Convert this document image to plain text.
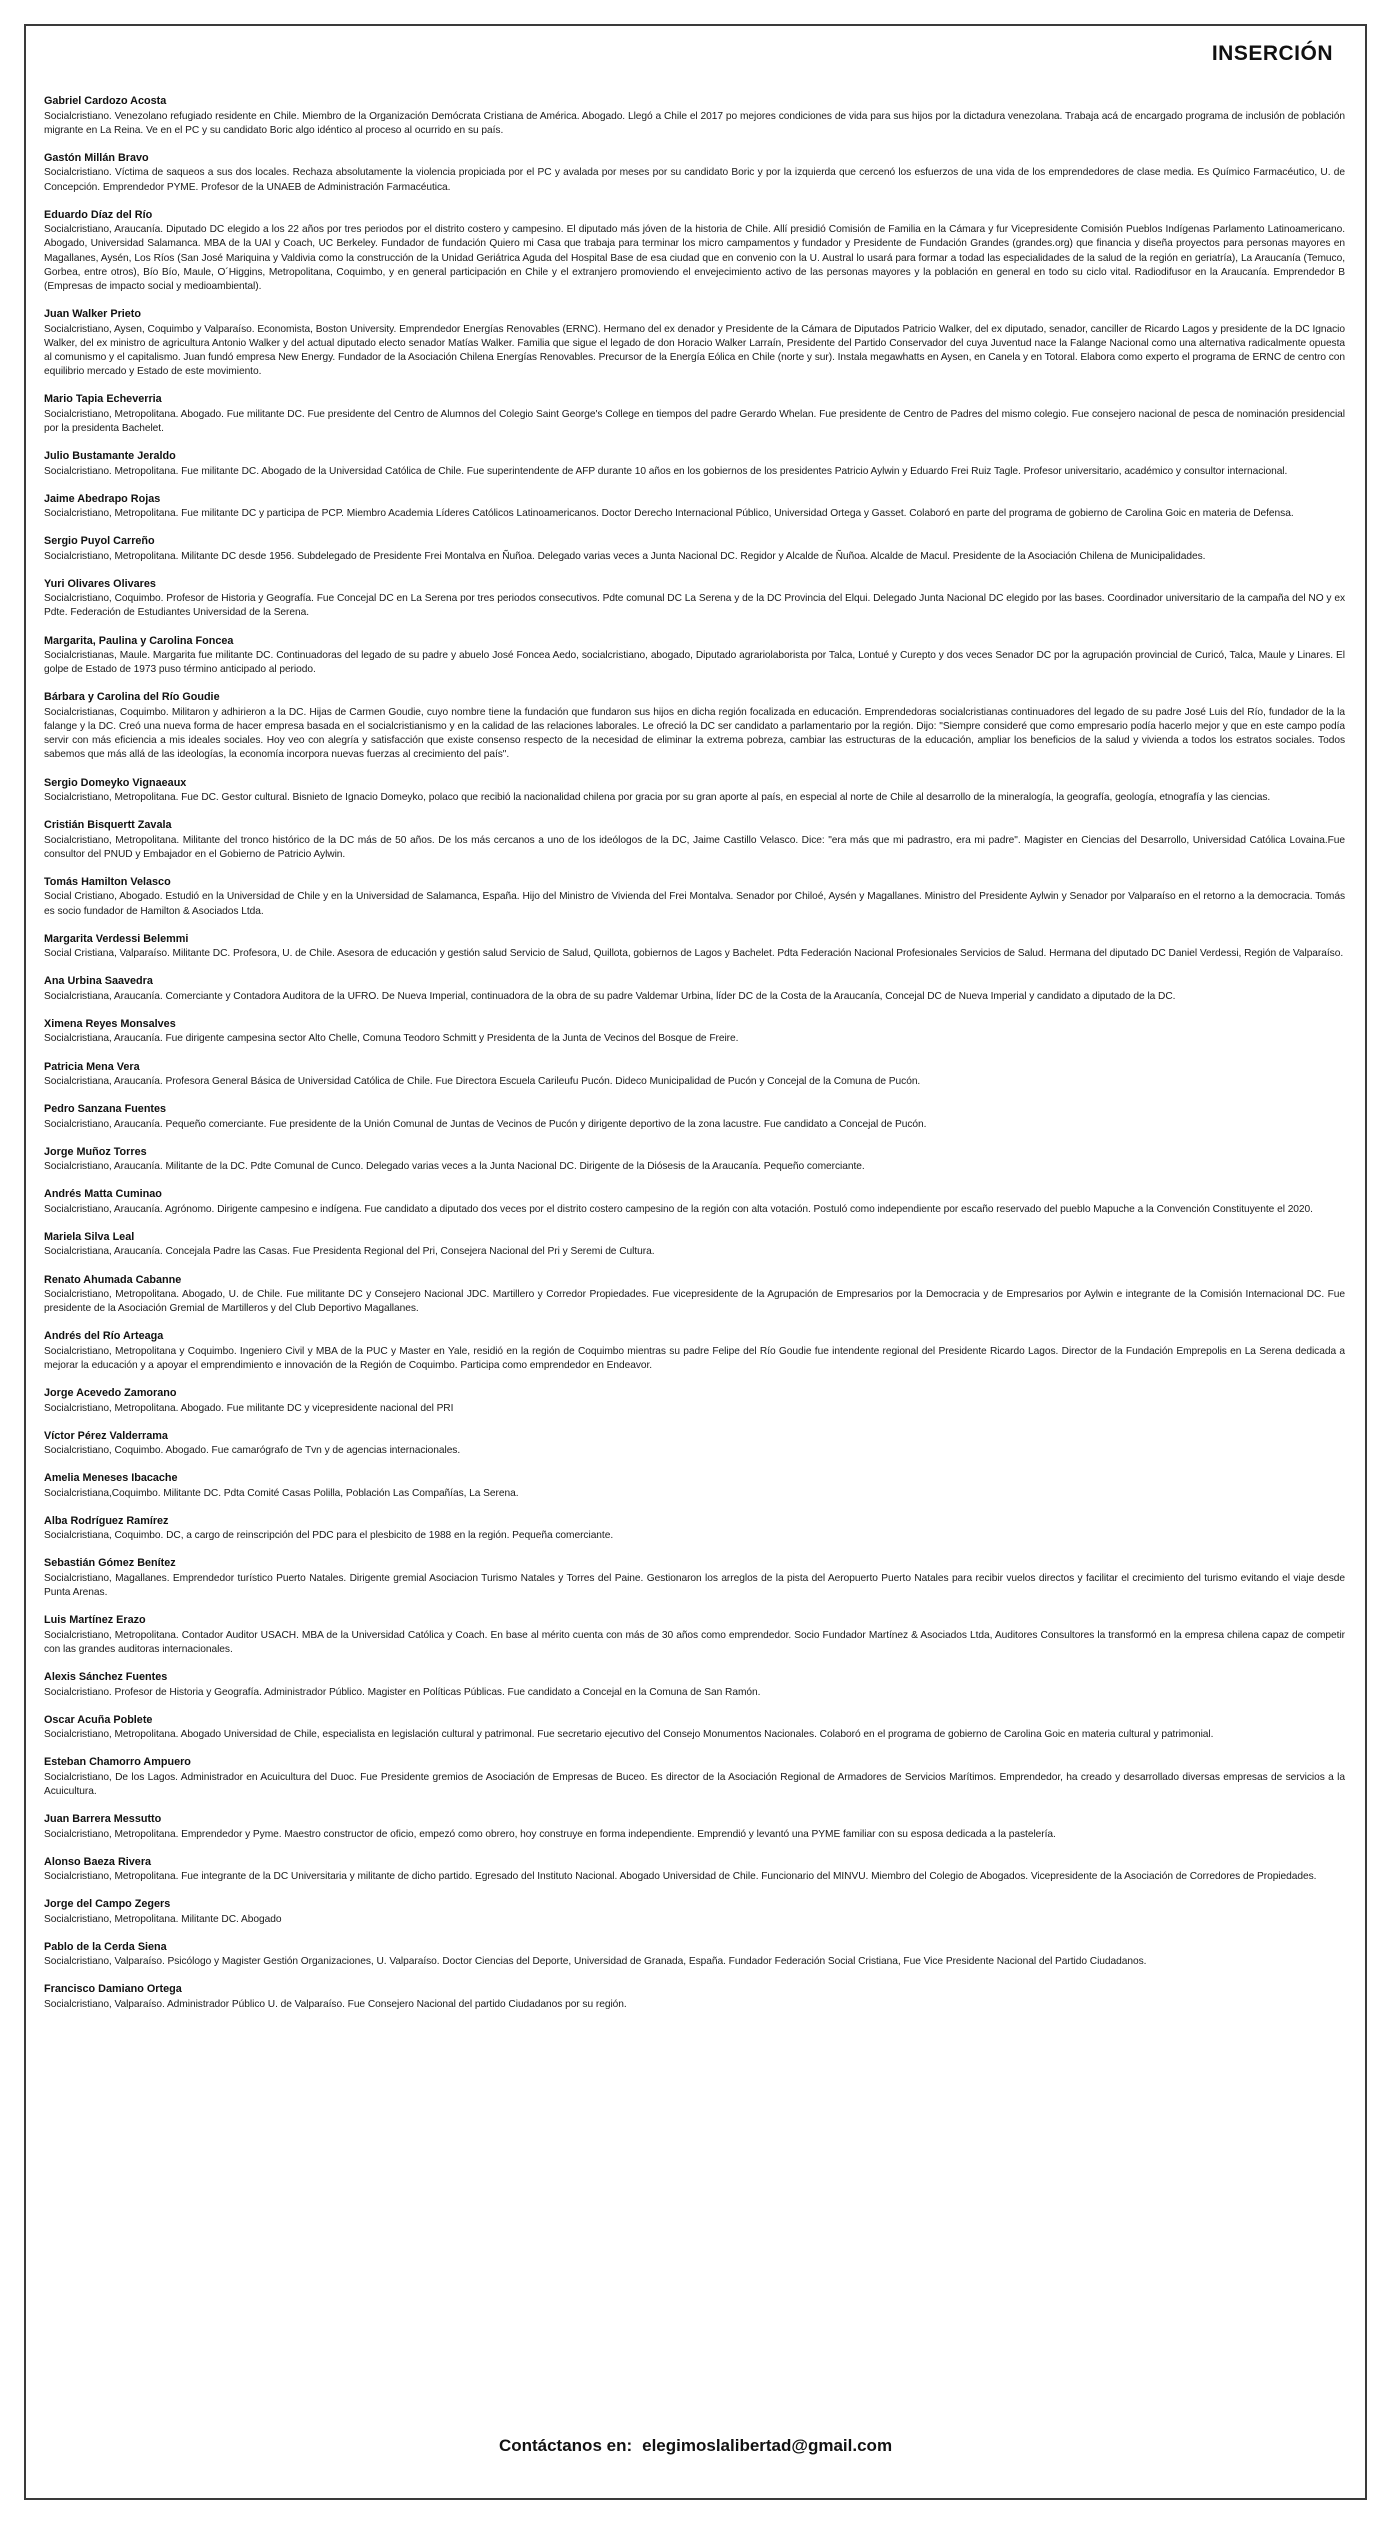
INSERCIÓN
Gabriel Cardozo Acosta
Socialcristiano. Venezolano refugiado residente en Chile. Miembro de la Organización Demócrata Cristiana de América. Abogado. Llegó a Chile el 2017 po mejores condiciones de vida para sus hijos por la dictadura venezolana. Trabaja acá de encargado programa de inclusión de población migrante en La Reina. Ve en el PC y su candidato Boric algo idéntico al proceso al ocurrido en su país.
Gastón Millán Bravo
Socialcristiano. Víctima de saqueos a sus dos locales. Rechaza absolutamente la violencia propiciada por el PC y avalada por meses por su candidato Boric y por la izquierda que cercenó los esfuerzos de una vida de los emprendedores de clase media. Es Químico Farmacéutico, U. de Concepción. Emprendedor PYME. Profesor de la UNAEB de Administración Farmacéutica.
Eduardo Díaz del Río
Socialcristiano, Araucanía. Diputado DC elegido a los 22 años por tres periodos por el distrito costero y campesino. El diputado más jóven de la historia de Chile. Allí presidió Comisión de Familia en la Cámara y fur Vicepresidente Comisión Pueblos Indígenas Parlamento Latinoamericano. Abogado, Universidad Salamanca. MBA de la UAI y Coach, UC Berkeley. Fundador de fundación Quiero mi Casa que trabaja para terminar los micro campamentos y fundador y Presidente de Fundación Grandes (grandes.org) que financia y diseña proyectos para personas mayores en Magallanes, Aysén, Los Ríos (San José Mariquina y Valdivia como la construcción de la Unidad Geriátrica Aguda del Hospital Base de esa ciudad que en convenio con la U. Austral lo usará para formar a todad las especialidades de la salud de la región en geriatría), La Araucanía (Temuco, Gorbea, entre otros), Bío Bío, Maule, O´Higgins, Metropolitana, Coquimbo, y en general participación en Chile y el extranjero promoviendo el envejecimiento activo de las personas mayores y la población en general en todo su ciclo vital. Radiodifusor en la Araucanía. Emprendedor B (Empresas de impacto social y medioambiental).
Juan Walker Prieto
Socialcristiano, Aysen, Coquimbo y Valparaíso. Economista, Boston University. Emprendedor Energías Renovables (ERNC). Hermano del ex denador y Presidente de la Cámara de Diputados Patricio Walker, del ex diputado, senador, canciller de Ricardo Lagos y presidente de la DC Ignacio Walker, del ex ministro de agricultura Antonio Walker y del actual diputado electo senador Matías Walker. Familia que sigue el legado de don Horacio Walker Larraín, Presidente del Partido Conservador del cuya Juventud nace la Falange Nacional como una alternativa radicalmente opuesta al comunismo y el capitalismo. Juan fundó empresa New Energy. Fundador de la Asociación Chilena Energías Renovables. Precursor de la Energía Eólica en Chile (norte y sur). Instala megawhatts en Aysen, en Canela y en Totoral. Elabora como experto el programa de ERNC de centro con equilibrio mercado y Estado de este movimiento.
Mario Tapia Echeverria
Socialcristiano, Metropolitana. Abogado. Fue militante DC. Fue presidente del Centro de Alumnos del Colegio Saint George's College en tiempos del padre Gerardo Whelan. Fue presidente de Centro de Padres del mismo colegio. Fue consejero nacional de pesca de nominación presidencial por la presidenta Bachelet.
Julio Bustamante Jeraldo
Socialcristiano. Metropolitana. Fue militante DC. Abogado de la Universidad Católica de Chile. Fue superintendente de AFP durante 10 años en los gobiernos de los presidentes Patricio Aylwin y Eduardo Frei Ruiz Tagle. Profesor universitario, académico y consultor internacional.
Jaime Abedrapo Rojas
Socialcristiano, Metropolitana. Fue militante DC y participa de PCP. Miembro Academia Líderes Católicos Latinoamericanos. Doctor Derecho Internacional Público, Universidad Ortega y Gasset. Colaboró en parte del programa de gobierno de Carolina Goic en materia de Defensa.
Sergio Puyol Carreño
Socialcristiano, Metropolitana. Militante DC desde 1956. Subdelegado de Presidente Frei Montalva en Ñuñoa. Delegado varias veces a Junta Nacional DC. Regidor y Alcalde de Ñuñoa. Alcalde de Macul. Presidente de la Asociación Chilena de Municipalidades.
Yuri Olivares Olivares
Socialcristiano, Coquimbo. Profesor de Historia y Geografía. Fue Concejal DC en La Serena por tres periodos consecutivos. Pdte comunal DC La Serena y de la DC Provincia del Elqui. Delegado Junta Nacional DC elegido por las bases. Coordinador universitario de la campaña del NO y ex Pdte. Federación de Estudiantes Universidad de la Serena.
Margarita, Paulina y Carolina Foncea
Socialcristianas, Maule. Margarita fue militante DC. Continuadoras del legado de su padre y abuelo José Foncea Aedo, socialcristiano, abogado, Diputado agrariolaborista por Talca, Lontué y Curepto y dos veces Senador DC por la agrupación provincial de Curicó, Talca, Maule y Linares. El golpe de Estado de 1973 puso término anticipado al periodo.
Bárbara y Carolina del Río Goudie
Socialcristianas, Coquimbo. Militaron y adhirieron a la DC. Hijas de Carmen Goudie, cuyo nombre tiene la fundación que fundaron sus hijos en dicha región focalizada en educación. Emprendedoras socialcristianas continuadores del legado de su padre José Luis del Río, fundador de la la falange y la DC. Creó una nueva forma de hacer empresa basada en el socialcristianismo y en la calidad de las relaciones laborales. Le ofreció la DC ser candidato a parlamentario por la región. Dijo: "Siempre consideré que como empresario podía hacerlo mejor y que en este campo podía servir con más eficiencia a mis ideales sociales. Hoy veo con alegría y satisfacción que existe consenso respecto de la necesidad de eliminar la extrema pobreza, cambiar las estructuras de la educación, ampliar los beneficios de la salud y vivienda a todos los estratos sociales. Todos sabemos que más allá de las ideologías, la economía incorpora nuevas fuerzas al crecimiento del país".
Sergio Domeyko Vignaeaux
Socialcristiano, Metropolitana. Fue DC. Gestor cultural. Bisnieto de Ignacio Domeyko, polaco que recibió la nacionalidad chilena por gracia por su gran aporte al país, en especial al norte de Chile al desarrollo de la mineralogía, la geografía, geología, etnografía y las ciencias.
Cristián Bisquertt Zavala
Socialcristiano, Metropolitana. Militante del tronco histórico de la DC más de 50 años. De los más cercanos a uno de los ideólogos de la DC, Jaime Castillo Velasco. Dice: "era más que mi padrastro, era mi padre". Magister en Ciencias del Desarrollo, Universidad Católica Lovaina.Fue consultor del PNUD y Embajador en el Gobierno de Patricio Aylwin.
Tomás Hamilton Velasco
Social Cristiano, Abogado. Estudió en la Universidad de Chile y en la Universidad de Salamanca, España. Hijo del Ministro de Vivienda del Frei Montalva. Senador por Chiloé, Aysén y Magallanes. Ministro del Presidente Aylwin y Senador por Valparaíso en el retorno a la democracia. Tomás es socio fundador de Hamilton & Asociados Ltda.
Margarita Verdessi Belemmi
Social Cristiana, Valparaíso. Militante DC. Profesora, U. de Chile. Asesora de educación y gestión salud Servicio de Salud, Quillota, gobiernos de Lagos y Bachelet. Pdta Federación Nacional Profesionales Servicios de Salud. Hermana del diputado DC Daniel Verdessi, Región de Valparaíso.
Ana Urbina Saavedra
Socialcristiana, Araucanía. Comerciante y Contadora Auditora de la UFRO. De Nueva Imperial, continuadora de la obra de su padre Valdemar Urbina, líder DC de la Costa de la Araucanía, Concejal DC de Nueva Imperial y candidato a diputado de la DC.
Ximena Reyes Monsalves
Socialcristiana, Araucanía. Fue dirigente campesina sector Alto Chelle, Comuna Teodoro Schmitt y Presidenta de la Junta de Vecinos del Bosque de Freire.
Patricia Mena Vera
Socialcristiana, Araucanía. Profesora General Básica de Universidad Católica de Chile. Fue Directora Escuela Carileufu Pucón. Dideco Municipalidad de Pucón y Concejal de la Comuna de Pucón.
Pedro Sanzana Fuentes
Socialcristiano, Araucanía. Pequeño comerciante. Fue presidente de la Unión Comunal de Juntas de Vecinos de Pucón y dirigente deportivo de la zona lacustre. Fue candidato a Concejal de Pucón.
Jorge Muñoz Torres
Socialcristiano, Araucanía. Militante de la DC. Pdte Comunal de Cunco. Delegado varias veces a la Junta Nacional DC. Dirigente de la Diósesis de la Araucanía. Pequeño comerciante.
Andrés Matta Cuminao
Socialcristiano, Araucanía. Agrónomo. Dirigente campesino e indígena. Fue candidato a diputado dos veces por el distrito costero campesino de la región con alta votación. Postuló como independiente por escaño reservado del pueblo Mapuche a la Convención Constituyente el 2020.
Mariela Silva Leal
Socialcristiana, Araucanía. Concejala Padre las Casas. Fue Presidenta Regional del Pri, Consejera Nacional del Pri y Seremi de Cultura.
Renato Ahumada Cabanne
Socialcristiano, Metropolitana. Abogado, U. de Chile. Fue militante DC y Consejero Nacional JDC. Martillero y Corredor Propiedades. Fue vicepresidente de la Agrupación de Empresarios por la Democracia y de Empresarios por Aylwin e integrante de la Comisión Internacional DC. Fue presidente de la Asociación Gremial de Martilleros y del Club Deportivo Magallanes.
Andrés del Río Arteaga
Socialcristiano, Metropolitana y Coquimbo. Ingeniero Civil y MBA de la PUC y Master en Yale, residió en la región de Coquimbo mientras su padre Felipe del Río Goudie fue intendente regional del Presidente Ricardo Lagos. Director de la Fundación Emprepolis en La Serena dedicada a mejorar la educación y a apoyar el emprendimiento e innovación de la Región de Coquimbo. Participa como emprendedor en Endeavor.
Jorge Acevedo Zamorano
Socialcristiano, Metropolitana. Abogado. Fue militante DC y vicepresidente nacional del PRI
Víctor Pérez Valderrama
Socialcristiano, Coquimbo. Abogado. Fue camarógrafo de Tvn y de agencias internacionales.
Amelia Meneses Ibacache
Socialcristiana,Coquimbo. Militante DC. Pdta Comité Casas Polilla, Población Las Compañías, La Serena.
Alba Rodríguez Ramírez
Socialcristiana, Coquimbo. DC, a cargo de reinscripción del PDC para el plesbicito de 1988 en la región. Pequeña comerciante.
Sebastián Gómez Benítez
Socialcristiano, Magallanes. Emprendedor turístico Puerto Natales. Dirigente gremial Asociacion Turismo Natales y Torres del Paine. Gestionaron los arreglos de la pista del Aeropuerto Puerto Natales para recibir vuelos directos y facilitar el crecimiento del turismo evitando el viaje desde Punta Arenas.
Luis Martínez Erazo
Socialcristiano, Metropolitana. Contador Auditor USACH. MBA de la Universidad Católica y Coach. En base al mérito cuenta con más de 30 años como emprendedor. Socio Fundador Martínez & Asociados Ltda, Auditores Consultores la transformó en la empresa chilena capaz de competir con las grandes auditoras internacionales.
Alexis Sánchez Fuentes
Socialcristiano. Profesor de Historia y Geografía. Administrador Público. Magister en Políticas Públicas. Fue candidato a Concejal en la Comuna de San Ramón.
Oscar Acuña Poblete
Socialcristiano, Metropolitana. Abogado Universidad de Chile, especialista en legislación cultural y patrimonal. Fue secretario ejecutivo del Consejo Monumentos Nacionales. Colaboró en el programa de gobierno de Carolina Goic en materia cultural y patrimonial.
Esteban Chamorro Ampuero
Socialcristiano, De los Lagos. Administrador en Acuicultura del Duoc. Fue Presidente gremios de Asociación de Empresas de Buceo. Es director de la Asociación Regional de Armadores de Servicios Marítimos. Emprendedor, ha creado y desarrollado diversas empresas de servicios a la Acuicultura.
Juan Barrera Messutto
Socialcristiano, Metropolitana. Emprendedor y Pyme. Maestro constructor de oficio, empezó como obrero, hoy construye en forma independiente. Emprendió y levantó una PYME familiar con su esposa dedicada a la pastelería.
Alonso Baeza Rivera
Socialcristiano, Metropolitana. Fue integrante de la DC Universitaria y militante de dicho partido. Egresado del Instituto Nacional. Abogado Universidad de Chile. Funcionario del MINVU. Miembro del Colegio de Abogados. Vicepresidente de la Asociación de Corredores de Propiedades.
Jorge del Campo Zegers
Socialcristiano, Metropolitana. Militante DC. Abogado
Pablo de la Cerda Siena
Socialcristiano, Valparaíso. Psicólogo y Magister Gestión Organizaciones, U. Valparaíso. Doctor Ciencias del Deporte, Universidad de Granada, España. Fundador Federación Social Cristiana, Fue Vice Presidente Nacional del Partido Ciudadanos.
Francisco Damiano Ortega
Socialcristiano, Valparaíso. Administrador Público U. de Valparaíso. Fue Consejero Nacional del partido Ciudadanos por su región.
Contáctanos en: elegimoslalibertad@gmail.com
